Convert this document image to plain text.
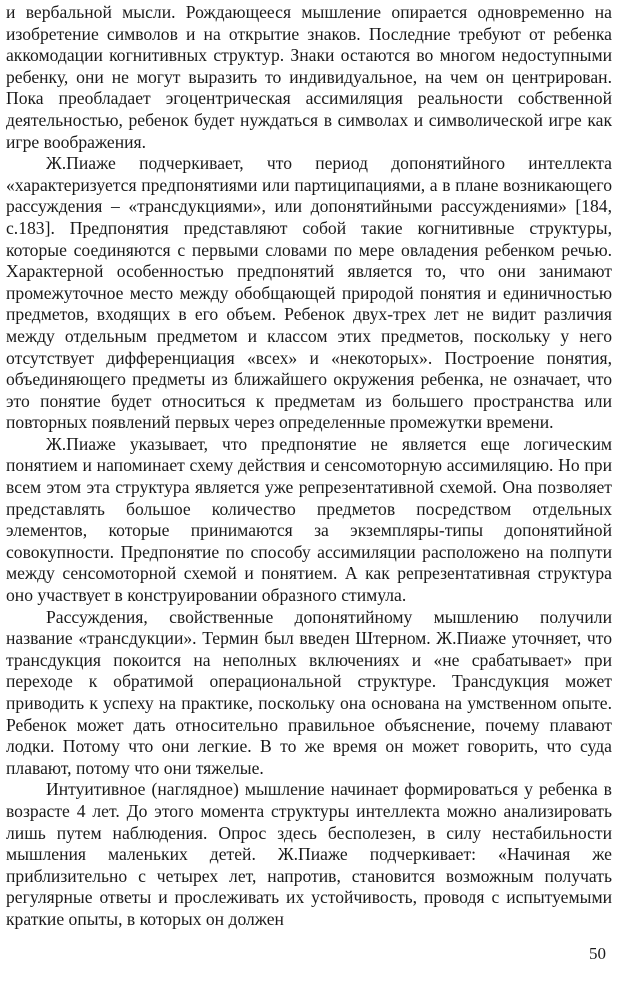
и вербальной мысли. Рождающееся мышление опирается одновременно на изобретение символов и на открытие знаков. Последние требуют от ребенка аккомодации когнитивных структур. Знаки остаются во многом недоступными ребенку, они не могут выразить то индивидуальное, на чем он центрирован. Пока преобладает эгоцентрическая ассимиляция реальности собственной деятельностью, ребенок будет нуждаться в символах и символической игре как игре воображения.

Ж.Пиаже подчеркивает, что период допонятийного интеллекта «характеризуется предпонятиями или партиципациями, а в плане возникающего рассуждения – «трансдукциями», или допонятийными рассуждениями» [184, с.183]. Предпонятия представляют собой такие когнитивные структуры, которые соединяются с первыми словами по мере овладения ребенком речью. Характерной особенностью предпонятий является то, что они занимают промежуточное место между обобщающей природой понятия и единичностью предметов, входящих в его объем. Ребенок двух-трех лет не видит различия между отдельным предметом и классом этих предметов, поскольку у него отсутствует дифференциация «всех» и «некоторых». Построение понятия, объединяющего предметы из ближайшего окружения ребенка, не означает, что это понятие будет относиться к предметам из большего пространства или повторных появлений первых через определенные промежутки времени.

Ж.Пиаже указывает, что предпонятие не является еще логическим понятием и напоминает схему действия и сенсомоторную ассимиляцию. Но при всем этом эта структура является уже репрезентативной схемой. Она позволяет представлять большое количество предметов посредством отдельных элементов, которые принимаются за экземпляры-типы допонятийной совокупности. Предпонятие по способу ассимиляции расположено на полпути между сенсомоторной схемой и понятием. А как репрезентативная структура оно участвует в конструировании образного стимула.

Рассуждения, свойственные допонятийному мышлению получили название «трансдукции». Термин был введен Штерном. Ж.Пиаже уточняет, что трансдукция покоится на неполных включениях и «не срабатывает» при переходе к обратимой операциональной структуре. Трансдукция может приводить к успеху на практике, поскольку она основана на умственном опыте. Ребенок может дать относительно правильное объяснение, почему плавают лодки. Потому что они легкие. В то же время он может говорить, что суда плавают, потому что они тяжелые.

Интуитивное (наглядное) мышление начинает формироваться у ребенка в возрасте 4 лет. До этого момента структуры интеллекта можно анализировать лишь путем наблюдения. Опрос здесь бесполезен, в силу нестабильности мышления маленьких детей. Ж.Пиаже подчеркивает: «Начиная же приблизительно с четырех лет, напротив, становится возможным получать регулярные ответы и прослеживать их устойчивость, проводя с испытуемыми краткие опыты, в которых он должен

50
